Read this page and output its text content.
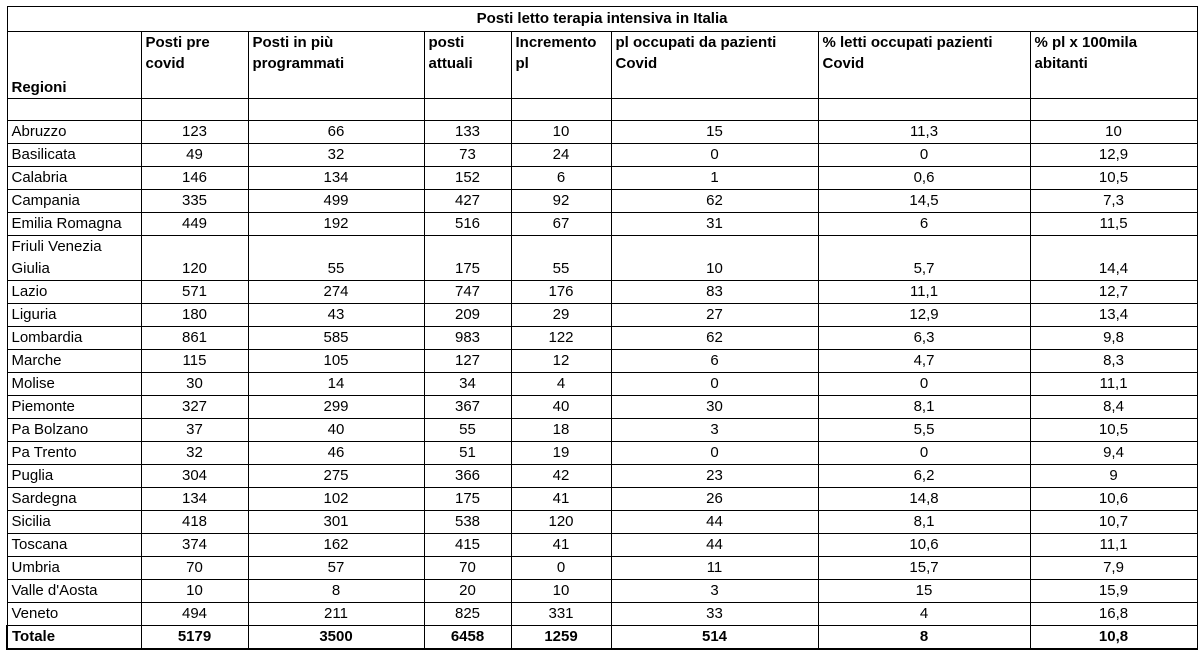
Posti letto terapia intensiva in Italia							
Regioni	Posti pre covid	Posti in più programmati	posti attuali	Incremento pl	pl occupati da pazienti Covid	% letti occupati pazienti Covid	% pl x 100mila abitanti

Abruzzo	123	66	133	10	15	11,3	10
Basilicata	49	32	73	24	0	0	12,9
Calabria	146	134	152	6	1	0,6	10,5
Campania	335	499	427	92	62	14,5	7,3
Emilia Romagna	449	192	516	67	31	6	11,5
Friuli Venezia Giulia	120	55	175	55	10	5,7	14,4
Lazio	571	274	747	176	83	11,1	12,7
Liguria	180	43	209	29	27	12,9	13,4
Lombardia	861	585	983	122	62	6,3	9,8
Marche	115	105	127	12	6	4,7	8,3
Molise	30	14	34	4	0	0	11,1
Piemonte	327	299	367	40	30	8,1	8,4
Pa Bolzano	37	40	55	18	3	5,5	10,5
Pa Trento	32	46	51	19	0	0	9,4
Puglia	304	275	366	42	23	6,2	9
Sardegna	134	102	175	41	26	14,8	10,6
Sicilia	418	301	538	120	44	8,1	10,7
Toscana	374	162	415	41	44	10,6	11,1
Umbria	70	57	70	0	11	15,7	7,9
Valle d'Aosta	10	8	20	10	3	15	15,9
Veneto	494	211	825	331	33	4	16,8
Totale	5179	3500	6458	1259	514	8	10,8
